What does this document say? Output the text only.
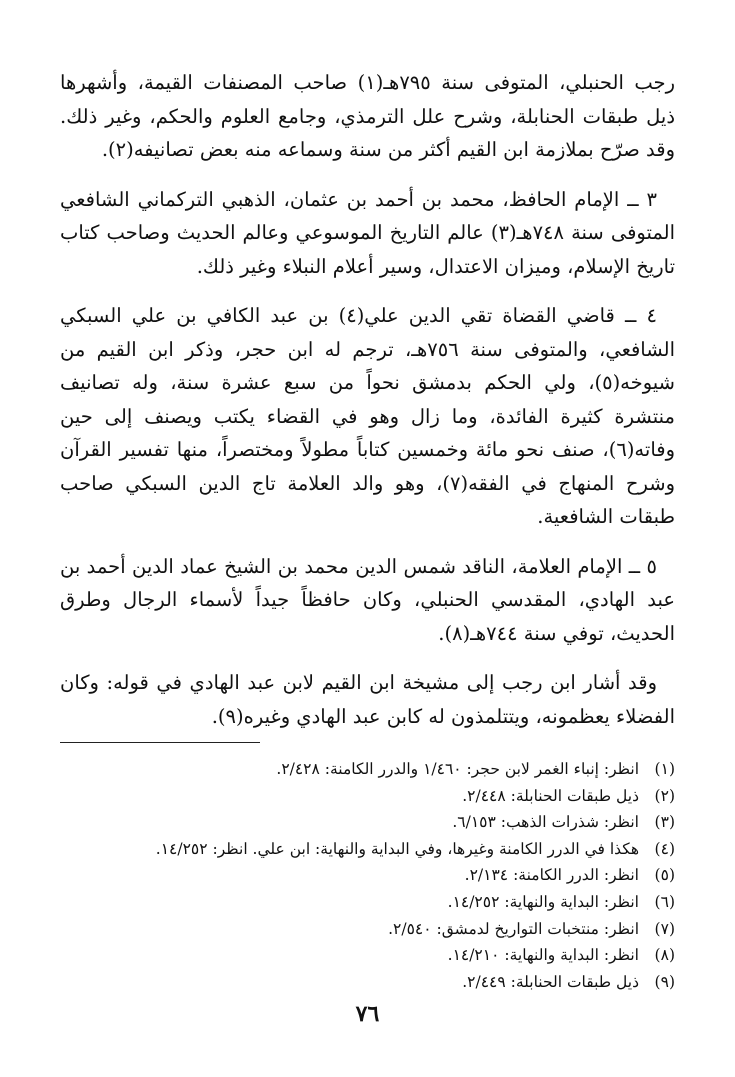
رجب الحنبلي، المتوفى سنة ٧٩٥هـ(١) صاحب المصنفات القيمة، وأشهرها ذيل طبقات الحنابلة، وشرح علل الترمذي، وجامع العلوم والحكم، وغير ذلك. وقد صرّح بملازمة ابن القيم أكثر من سنة وسماعه منه بعض تصانيفه(٢).

٣ ــ الإمام الحافظ، محمد بن أحمد بن عثمان، الذهبي التركماني الشافعي المتوفى سنة ٧٤٨هـ(٣) عالم التاريخ الموسوعي وعالم الحديث وصاحب كتاب تاريخ الإسلام، وميزان الاعتدال، وسير أعلام النبلاء وغير ذلك.

٤ ــ قاضي القضاة تقي الدين علي(٤) بن عبد الكافي بن علي السبكي الشافعي، والمتوفى سنة ٧٥٦هـ، ترجم له ابن حجر، وذكر ابن القيم من شيوخه(٥)، ولي الحكم بدمشق نحواً من سبع عشرة سنة، وله تصانيف منتشرة كثيرة الفائدة، وما زال وهو في القضاء يكتب ويصنف إلى حين وفاته(٦)، صنف نحو مائة وخمسين كتاباً مطولاً ومختصراً، منها تفسير القرآن وشرح المنهاج في الفقه(٧)، وهو والد العلامة تاج الدين السبكي صاحب طبقات الشافعية.

٥ ــ الإمام العلامة، الناقد شمس الدين محمد بن الشيخ عماد الدين أحمد بن عبد الهادي، المقدسي الحنبلي، وكان حافظاً جيداً لأسماء الرجال وطرق الحديث، توفي سنة ٧٤٤هـ(٨).

وقد أشار ابن رجب إلى مشيخة ابن القيم لابن عبد الهادي في قوله: وكان الفضلاء يعظمونه، ويتتلمذون له كابن عبد الهادي وغيره(٩).

(١)
انظر: إنباء الغمر لابن حجر: ١/٤٦٠ والدرر الكامنة: ٢/٤٢٨.
(٢)
ذيل طبقات الحنابلة: ٢/٤٤٨.
(٣)
انظر: شذرات الذهب: ٦/١٥٣.
(٤)
هكذا في الدرر الكامنة وغيرها، وفي البداية والنهاية: ابن علي. انظر: ١٤/٢٥٢.
(٥)
انظر: الدرر الكامنة: ٢/١٣٤.
(٦)
انظر: البداية والنهاية: ١٤/٢٥٢.
(٧)
انظر: منتخبات التواريخ لدمشق: ٢/٥٤٠.
(٨)
انظر: البداية والنهاية: ١٤/٢١٠.
(٩)
ذيل طبقات الحنابلة: ٢/٤٤٩.
٧٦
